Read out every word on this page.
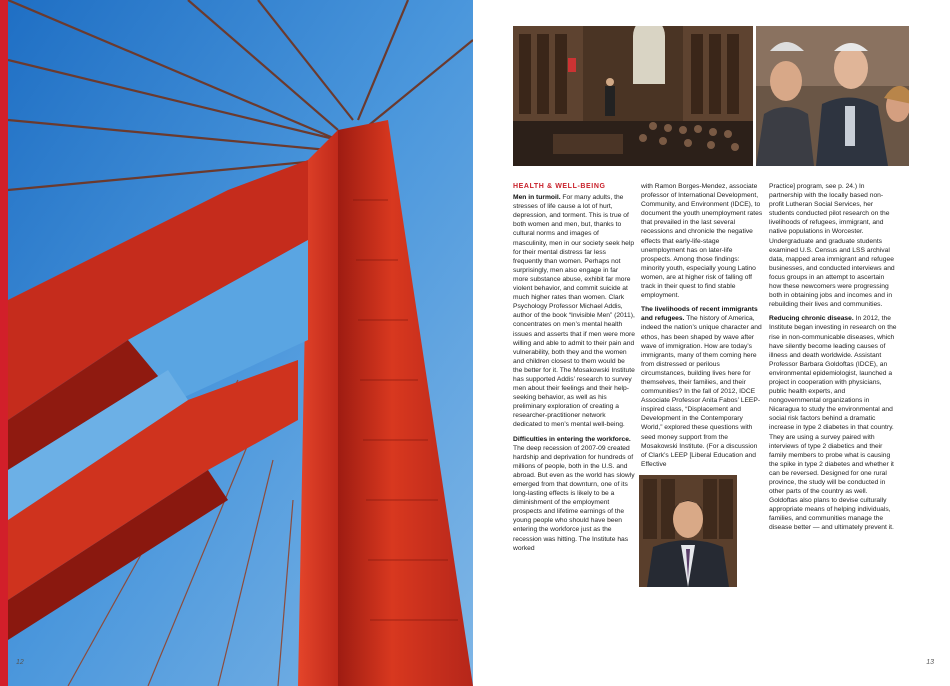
12
HEALTH & WELL-BEING

Men in turmoil. For many adults, the stresses of life cause a lot of hurt, depression, and torment. This is true of both women and men, but, thanks to cultural norms and images of masculinity, men in our society seek help for their mental distress far less frequently than women. Perhaps not surprisingly, men also engage in far more substance abuse, exhibit far more violent behavior, and commit suicide at much higher rates than women. Clark Psychology Professor Michael Addis, author of the book “Invisible Men” (2011), concentrates on men’s mental health issues and asserts that if men were more willing and able to admit to their pain and vulnerability, both they and the women and children closest to them would be the better for it. The Mosakowski Institute has supported Addis’ research to survey men about their feelings and their help-seeking behavior, as well as his preliminary exploration of creating a researcher-practitioner network dedicated to men’s mental well-being.

Difficulties in entering the workforce. The deep recession of 2007-09 created hardship and deprivation for hundreds of millions of people, both in the U.S. and abroad. But even as the world has slowly emerged from that downturn, one of its long-lasting effects is likely to be a diminishment of the employment prospects and lifetime earnings of the young people who should have been entering the workforce just as the recession was hitting. The Institute has worked

with Ramon Borges-Mendez, associate professor of International Development, Community, and Environment (IDCE), to document the youth unemployment rates that prevailed in the last several recessions and chronicle the negative effects that early-life-stage unemployment has on later-life prospects. Among those findings: minority youth, especially young Latino women, are at higher risk of falling off track in their quest to find stable employment.

The livelihoods of recent immigrants and refugees. The history of America, indeed the nation’s unique character and ethos, has been shaped by wave after wave of immigration. How are today’s immigrants, many of them coming here from distressed or perilous circumstances, building lives here for themselves, their families, and their communities? In the fall of 2012, IDCE Associate Professor Anita Fabos’ LEEP-inspired class, “Displacement and Development in the Contemporary World,” explored these questions with seed money support from the Mosakowski Institute. (For a discussion of Clark’s LEEP [Liberal Education and Effective

Practice] program, see p. 24.) In partnership with the locally based non-profit Lutheran Social Services, her students conducted pilot research on the livelihoods of refugees, immigrant, and native populations in Worcester. Undergraduate and graduate students examined U.S. Census and LSS archival data, mapped area immigrant and refugee businesses, and conducted interviews and focus groups in an attempt to ascertain how these newcomers were progressing both in obtaining jobs and incomes and in rebuilding their lives and communities.

Reducing chronic disease. In 2012, the Institute began investing in research on the rise in non-communicable diseases, which have silently become leading causes of illness and death worldwide. Assistant Professor Barbara Goldoftas (IDCE), an environmental epidemiologist, launched a project in cooperation with physicians, public health experts, and nongovernmental organizations in Nicaragua to study the environmental and social risk factors behind a dramatic increase in type 2 diabetes in that country. They are using a survey paired with interviews of type 2 diabetics and their family members to probe what is causing the spike in type 2 diabetes and whether it can be reversed. Designed for one rural province, the study will be conducted in other parts of the country as well. Goldoftas also plans to devise culturally appropriate means of helping individuals, families, and communities manage the disease better — and ultimately prevent it.

13
